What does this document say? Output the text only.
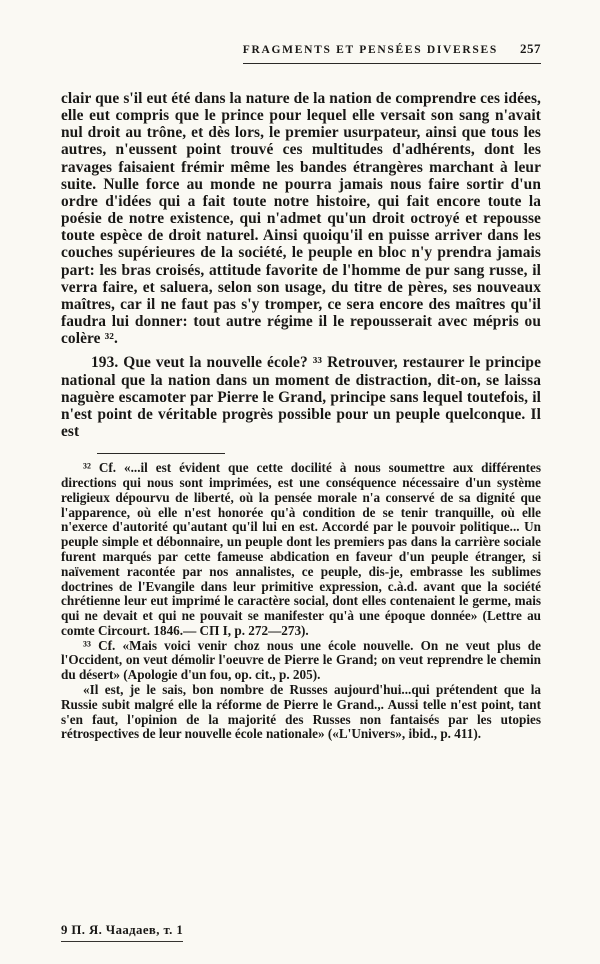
FRAGMENTS ET PENSÉES DIVERSES 257

clair que s'il eut été dans la nature de la nation de comprendre ces idées, elle eut compris que le prince pour lequel elle versait son sang n'avait nul droit au trône, et dès lors, le premier usurpateur, ainsi que tous les autres, n'eussent point trouvé ces multitudes d'adhérents, dont les ravages faisaient frémir même les bandes étrangères marchant à leur suite. Nulle force au monde ne pourra jamais nous faire sortir d'un ordre d'idées qui a fait toute notre histoire, qui fait encore toute la poésie de notre existence, qui n'admet qu'un droit octroyé et repousse toute espèce de droit naturel. Ainsi quoiqu'il en puisse arriver dans les couches supérieures de la société, le peuple en bloc n'y prendra jamais part: les bras croisés, attitude favorite de l'homme de pur sang russe, il verra faire, et saluera, selon son usage, du titre de pères, ses nouveaux maîtres, car il ne faut pas s'y tromper, ce sera encore des maîtres qu'il faudra lui donner: tout autre régime il le repousserait avec mépris ou colère ³².

193. Que veut la nouvelle école? ³³ Retrouver, restaurer le principe national que la nation dans un moment de distraction, dit-on, se laissa naguère escamoter par Pierre le Grand, principe sans lequel toutefois, il n'est point de véritable progrès possible pour un peuple quelconque. Il est

³² Cf. «...il est évident que cette docilité à nous soumettre aux différentes directions qui nous sont imprimées, est une conséquence nécessaire d'un système religieux dépourvu de liberté, où la pensée morale n'a conservé de sa dignité que l'apparence, où elle n'est honorée qu'à condition de se tenir tranquille, où elle n'exerce d'autorité qu'autant qu'il lui en est. Accordé par le pouvoir politique... Un peuple simple et débonnaire, un peuple dont les premiers pas dans la carrière sociale furent marqués par cette fameuse abdication en faveur d'un peuple étranger, si naïvement racontée par nos annalistes, ce peuple, dis-je, embrasse les sublimes doctrines de l'Evangile dans leur primitive expression, c.à.d. avant que la société chrétienne leur eut imprimé le caractère social, dont elles contenaient le germe, mais qui ne devait et qui ne pouvait se manifester qu'à une époque donnée» (Lettre au comte Circourt. 1846.— СП I, p. 272—273).

³³ Cf. «Mais voici venir choz nous une école nouvelle. On ne veut plus de l'Occident, on veut démolir l'oeuvre de Pierre le Grand; on veut reprendre le chemin du désert» (Apologie d'un fou, op. cit., p. 205).

«Il est, je le sais, bon nombre de Russes aujourd'hui...qui prétendent que la Russie subit malgré elle la réforme de Pierre le Grand.,. Aussi telle n'est point, tant s'en faut, l'opinion de la majorité des Russes non fantaisés par les utopies rétrospectives de leur nouvelle école nationale» («L'Univers», ibid., p. 411).

9 П. Я. Чаадаев, т. 1
